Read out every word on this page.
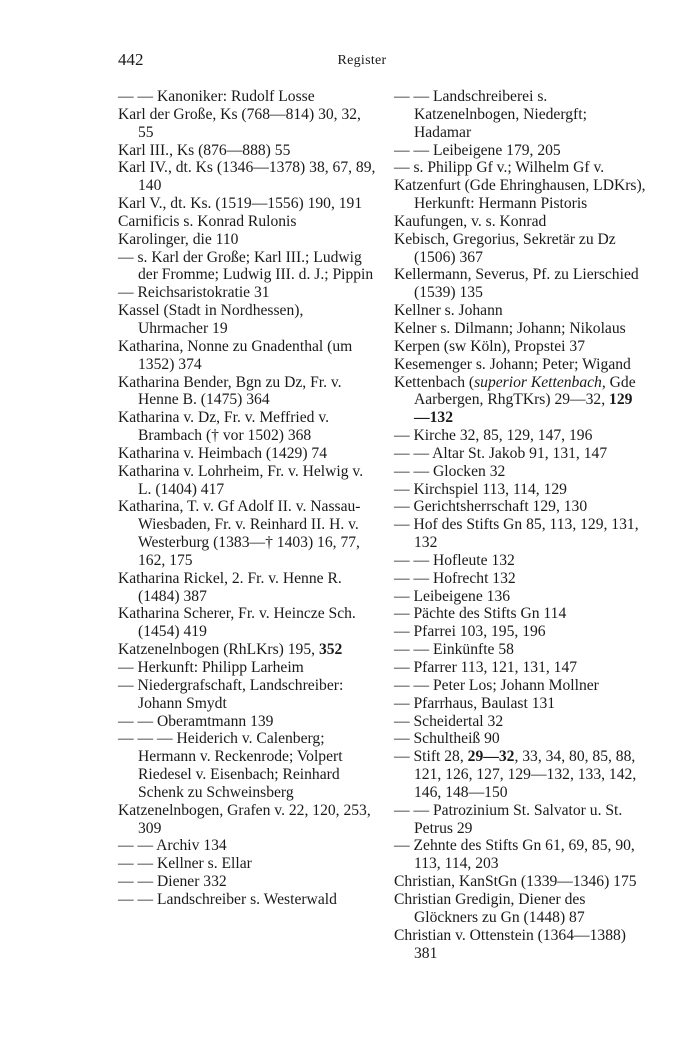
442	Register
— — Kanoniker: Rudolf Losse
Karl der Große, Ks (768—814) 30, 32, 55
Karl III., Ks (876—888) 55
Karl IV., dt. Ks (1346—1378) 38, 67, 89, 140
Karl V., dt. Ks. (1519—1556) 190, 191
Carnificis s. Konrad Rulonis
Karolinger, die 110
— s. Karl der Große; Karl III.; Ludwig der Fromme; Ludwig III. d. J.; Pippin
— Reichsaristokratie 31
Kassel (Stadt in Nordhessen), Uhrmacher 19
Katharina, Nonne zu Gnadenthal (um 1352) 374
Katharina Bender, Bgn zu Dz, Fr. v. Henne B. (1475) 364
Katharina v. Dz, Fr. v. Meffried v. Brambach († vor 1502) 368
Katharina v. Heimbach (1429) 74
Katharina v. Lohrheim, Fr. v. Helwig v. L. (1404) 417
Katharina, T. v. Gf Adolf II. v. Nassau-Wiesbaden, Fr. v. Reinhard II. H. v. Westerburg (1383—† 1403) 16, 77, 162, 175
Katharina Rickel, 2. Fr. v. Henne R. (1484) 387
Katharina Scherer, Fr. v. Heincze Sch. (1454) 419
Katzenelnbogen (RhLKrs) 195, 352
— Herkunft: Philipp Larheim
— Niedergrafschaft, Landschreiber: Johann Smydt
— — Oberamtmann 139
— — — Heiderich v. Calenberg; Hermann v. Reckenrode; Volpert Riedesel v. Eisenbach; Reinhard Schenk zu Schweinsberg
Katzenelnbogen, Grafen v. 22, 120, 253, 309
— — Archiv 134
— — Kellner s. Ellar
— — Diener 332
— — Landschreiber s. Westerwald
— — Landschreiberei s. Katzenelnbogen, Niedergft; Hadamar
— — Leibeigene 179, 205
— s. Philipp Gf v.; Wilhelm Gf v.
Katzenfurt (Gde Ehringhausen, LDKrs), Herkunft: Hermann Pistoris
Kaufungen, v. s. Konrad
Kebisch, Gregorius, Sekretär zu Dz (1506) 367
Kellermann, Severus, Pf. zu Lierschied (1539) 135
Kellner s. Johann
Kelner s. Dilmann; Johann; Nikolaus
Kerpen (sw Köln), Propstei 37
Kesemenger s. Johann; Peter; Wigand
Kettenbach (superior Kettenbach, Gde Aarbergen, RhgTKrs) 29—32, 129—132
— Kirche 32, 85, 129, 147, 196
— — Altar St. Jakob 91, 131, 147
— — Glocken 32
— Kirchspiel 113, 114, 129
— Gerichtsherrschaft 129, 130
— Hof des Stifts Gn 85, 113, 129, 131, 132
— — Hofleute 132
— — Hofrecht 132
— Leibeigene 136
— Pächte des Stifts Gn 114
— Pfarrei 103, 195, 196
— — Einkünfte 58
— Pfarrer 113, 121, 131, 147
— — Peter Los; Johann Mollner
— Pfarrhaus, Baulast 131
— Scheidertal 32
— Schultheiß 90
— Stift 28, 29—32, 33, 34, 80, 85, 88, 121, 126, 127, 129—132, 133, 142, 146, 148—150
— — Patrozinium St. Salvator u. St. Petrus 29
— Zehnte des Stifts Gn 61, 69, 85, 90, 113, 114, 203
Christian, KanStGn (1339—1346) 175
Christian Gredigin, Diener des Glöckners zu Gn (1448) 87
Christian v. Ottenstein (1364—1388) 381
